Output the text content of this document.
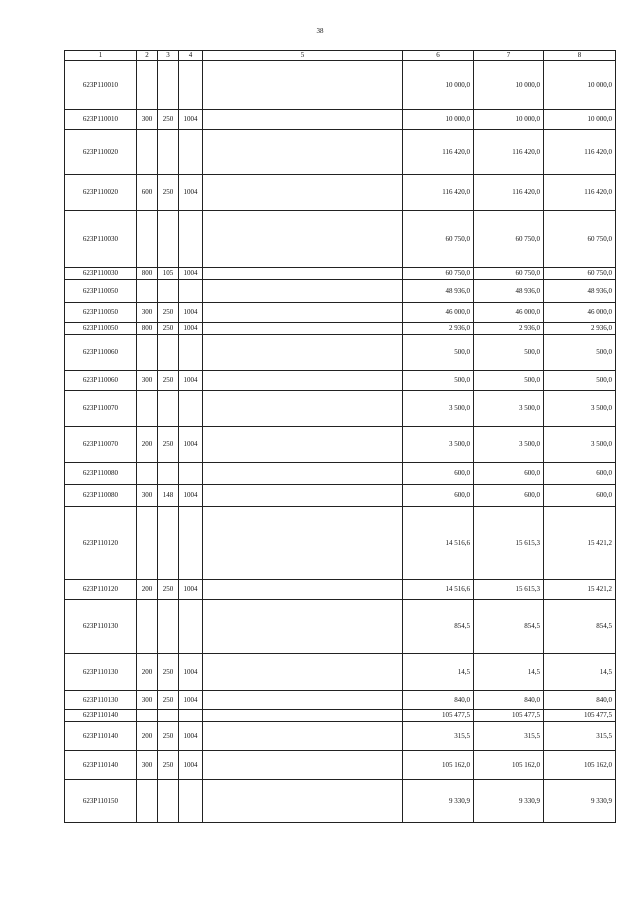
38
1	2	3	4	5	6	7	8
623P110010					10 000,0	10 000,0	10 000,0
623P110010	300	250	1004		10 000,0	10 000,0	10 000,0
623P110020					116 420,0	116 420,0	116 420,0
623P110020	600	250	1004		116 420,0	116 420,0	116 420,0
623P110030					60 750,0	60 750,0	60 750,0
623P110030	800	105	1004		60 750,0	60 750,0	60 750,0
623P110050					48 936,0	48 936,0	48 936,0
623P110050	300	250	1004		46 000,0	46 000,0	46 000,0
623P110050	800	250	1004		2 936,0	2 936,0	2 936,0
623P110060					500,0	500,0	500,0
623P110060	300	250	1004		500,0	500,0	500,0
623P110070					3 500,0	3 500,0	3 500,0
623P110070	200	250	1004		3 500,0	3 500,0	3 500,0
623P110080					600,0	600,0	600,0
623P110080	300	148	1004		600,0	600,0	600,0
623P110120					14 516,6	15 615,3	15 421,2
623P110120	200	250	1004		14 516,6	15 615,3	15 421,2
623P110130					854,5	854,5	854,5
623P110130	200	250	1004		14,5	14,5	14,5
623P110130	300	250	1004		840,0	840,0	840,0
623P110140					105 477,5	105 477,5	105 477,5
623P110140	200	250	1004		315,5	315,5	315,5
623P110140	300	250	1004		105 162,0	105 162,0	105 162,0
623P110150					9 330,9	9 330,9	9 330,9
